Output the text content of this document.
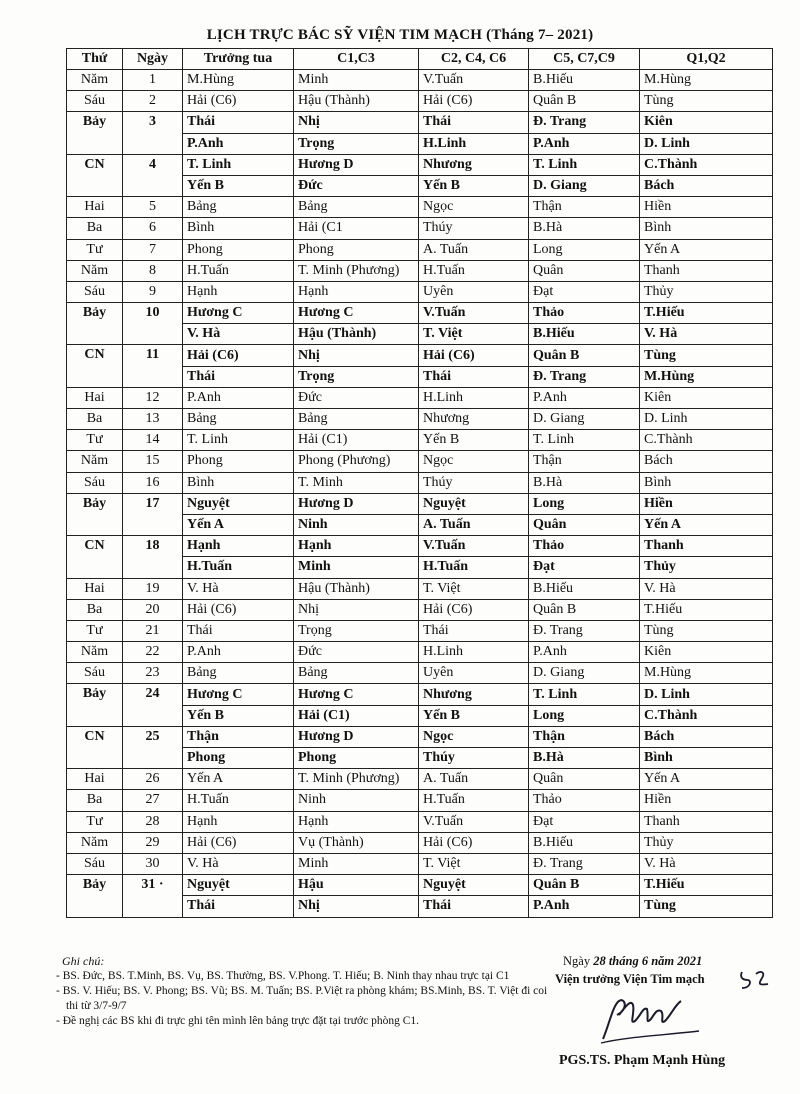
LỊCH TRỰC BÁC SỸ VIỆN TIM MẠCH (Tháng 7– 2021)
Thứ	Ngày	Trưởng tua	C1,C3	C2, C4, C6	C5, C7,C9	Q1,Q2
Năm	1	M.Hùng	Minh	V.Tuấn	B.Hiếu	M.Hùng
Sáu	2	Hải (C6)	Hậu (Thành)	Hải (C6)	Quân B	Tùng
Bảy	3	Thái	Nhị	Thái	Đ. Trang	Kiên
		P.Anh	Trọng	H.Linh	P.Anh	D. Linh
CN	4	T. Linh	Hương D	Nhương	T. Linh	C.Thành
		Yến B	Đức	Yến B	D. Giang	Bách
Hai	5	Bảng	Bảng	Ngọc	Thận	Hiền
Ba	6	Bình	Hải (C1	Thúy	B.Hà	Bình
Tư	7	Phong	Phong	A. Tuấn	Long	Yến A
Năm	8	H.Tuấn	T. Minh (Phương)	H.Tuấn	Quân	Thanh
Sáu	9	Hạnh	Hạnh	Uyên	Đạt	Thủy
Bảy	10	Hương C	Hương C	V.Tuấn	Thảo	T.Hiếu
		V. Hà	Hậu (Thành)	T. Việt	B.Hiếu	V. Hà
CN	11	Hải (C6)	Nhị	Hải (C6)	Quân B	Tùng
		Thái	Trọng	Thái	Đ. Trang	M.Hùng
Hai	12	P.Anh	Đức	H.Linh	P.Anh	Kiên
Ba	13	Bảng	Bảng	Nhương	D. Giang	D. Linh
Tư	14	T. Linh	Hải (C1)	Yến B	T. Linh	C.Thành
Năm	15	Phong	Phong (Phương)	Ngọc	Thận	Bách
Sáu	16	Bình	T. Minh	Thúy	B.Hà	Bình
Bảy	17	Nguyệt	Hương D	Nguyệt	Long	Hiền
		Yến A	Ninh	A. Tuấn	Quân	Yến A
CN	18	Hạnh	Hạnh	V.Tuấn	Thảo	Thanh
		H.Tuấn	Minh	H.Tuấn	Đạt	Thủy
Hai	19	V. Hà	Hậu (Thành)	T. Việt	B.Hiếu	V. Hà
Ba	20	Hải (C6)	Nhị	Hải (C6)	Quân B	T.Hiếu
Tư	21	Thái	Trọng	Thái	Đ. Trang	Tùng
Năm	22	P.Anh	Đức	H.Linh	P.Anh	Kiên
Sáu	23	Bảng	Bảng	Uyên	D. Giang	M.Hùng
Bảy	24	Hương C	Hương C	Nhương	T. Linh	D. Linh
		Yến B	Hải (C1)	Yến B	Long	C.Thành
CN	25	Thận	Hương D	Ngọc	Thận	Bách
		Phong	Phong	Thúy	B.Hà	Bình
Hai	26	Yến A	T. Minh (Phương)	A. Tuấn	Quân	Yến A
Ba	27	H.Tuấn	Ninh	H.Tuấn	Thảo	Hiền
Tư	28	Hạnh	Hạnh	V.Tuấn	Đạt	Thanh
Năm	29	Hải (C6)	Vụ (Thành)	Hải (C6)	B.Hiếu	Thủy
Sáu	30	V. Hà	Minh	T. Việt	Đ. Trang	V. Hà
Bảy	31 ·	Nguyệt	Hậu	Nguyệt	Quân B	T.Hiếu
		Thái	Nhị	Thái	P.Anh	Tùng
Ghi chú:
- BS. Đức, BS. T.Minh, BS. Vụ, BS. Thường, BS. V.Phong. T. Hiếu; B. Ninh thay nhau trực tại C1
- BS. V. Hiếu; BS. V. Phong; BS. Vũ; BS. M. Tuấn; BS. P.Việt ra phòng khám; BS.Minh, BS. T. Việt đi coi thi từ 3/7-9/7
- Đề nghị các BS khi đi trực ghi tên mình lên bảng trực đặt tại trước phòng C1.
Ngày 28 tháng 6 năm 2021
Viện trưởng Viện Tim mạch
PGS.TS. Phạm Mạnh Hùng
